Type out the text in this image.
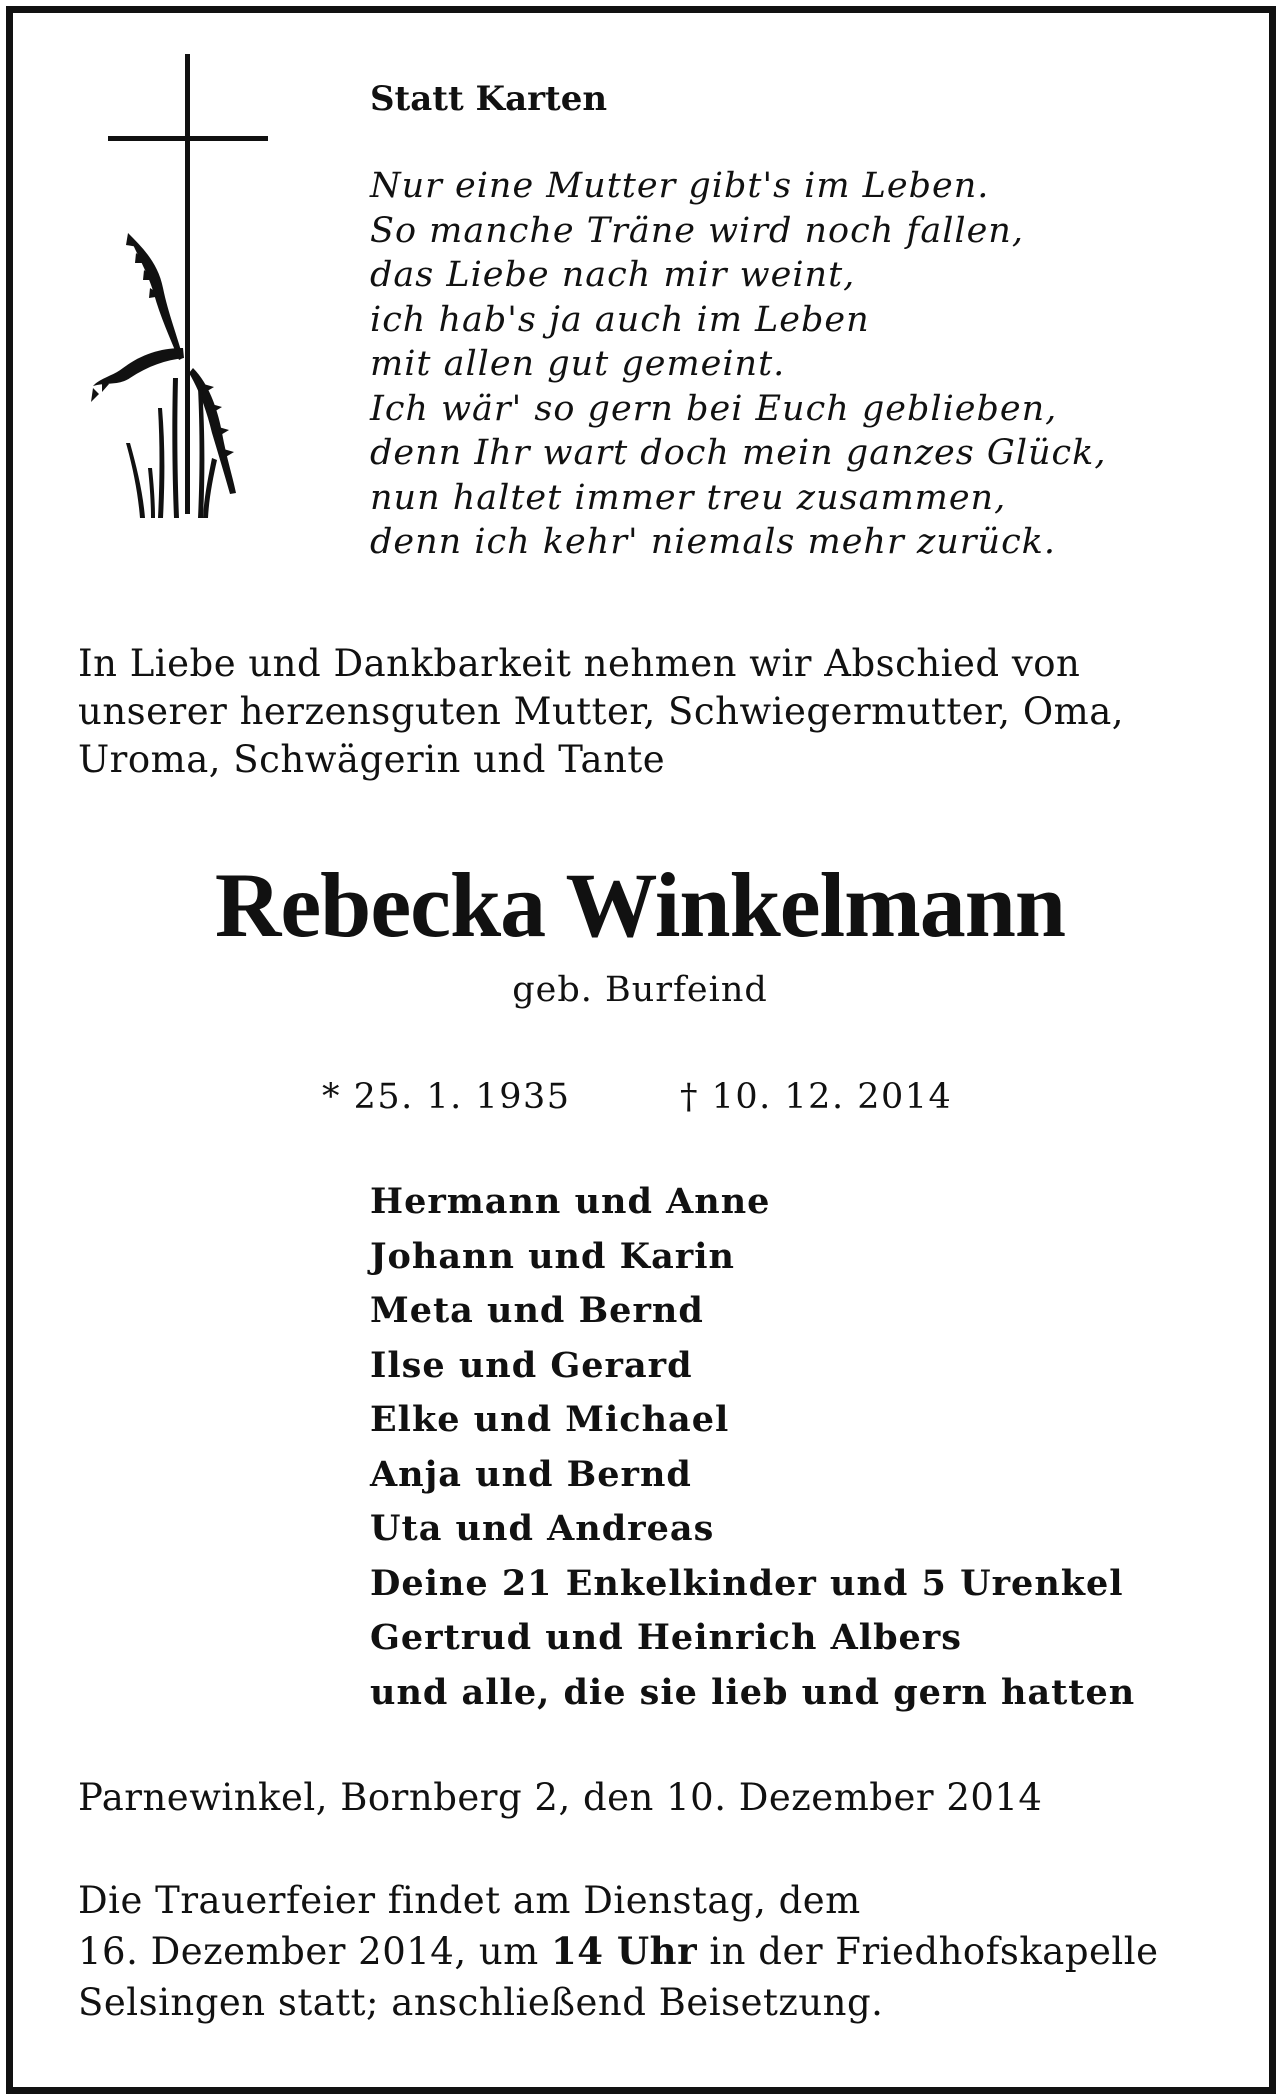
Statt Karten
Nur eine Mutter gibt's im Leben.
So manche Träne wird noch fallen,
das Liebe nach mir weint,
ich hab's ja auch im Leben
mit allen gut gemeint.
Ich wär' so gern bei Euch geblieben,
denn Ihr wart doch mein ganzes Glück,
nun haltet immer treu zusammen,
denn ich kehr' niemals mehr zurück.
In Liebe und Dankbarkeit nehmen wir Abschied von
unserer herzensguten Mutter, Schwiegermutter, Oma,
Uroma, Schwägerin und Tante
Rebecka Winkelmann
geb. Burfeind
* 25. 1. 1935	† 10. 12. 2014
Hermann und Anne
Johann und Karin
Meta und Bernd
Ilse und Gerard
Elke und Michael
Anja und Bernd
Uta und Andreas
Deine 21 Enkelkinder und 5 Urenkel
Gertrud und Heinrich Albers
und alle, die sie lieb und gern hatten
Parnewinkel, Bornberg 2, den 10. Dezember 2014
Die Trauerfeier findet am Dienstag, dem
16. Dezember 2014, um 14 Uhr in der Friedhofskapelle
Selsingen statt; anschließend Beisetzung.
